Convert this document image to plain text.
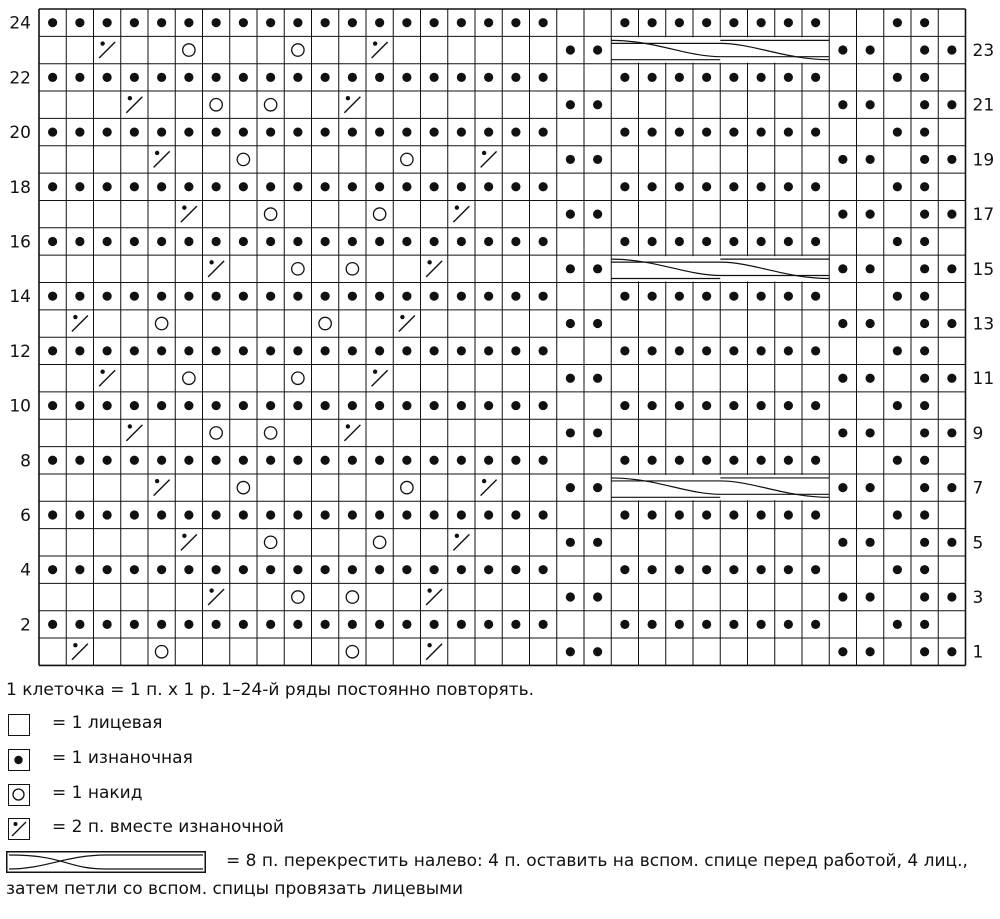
24
22
20
18
16
14
12
10
8
6
4
2
23
21
19
17
15
13
11
9
7
5
3
1
1 клеточка = 1 п. х 1 р. 1–24-й ряды постоянно повторять.
= 1 лицевая
= 1 изнаночная
= 1 накид
= 2 п. вместе изнаночной
= 8 п. перекрестить налево: 4 п. оставить на вспом. спице перед работой, 4 лиц.,
затем петли со вспом. спицы провязать лицевыми
